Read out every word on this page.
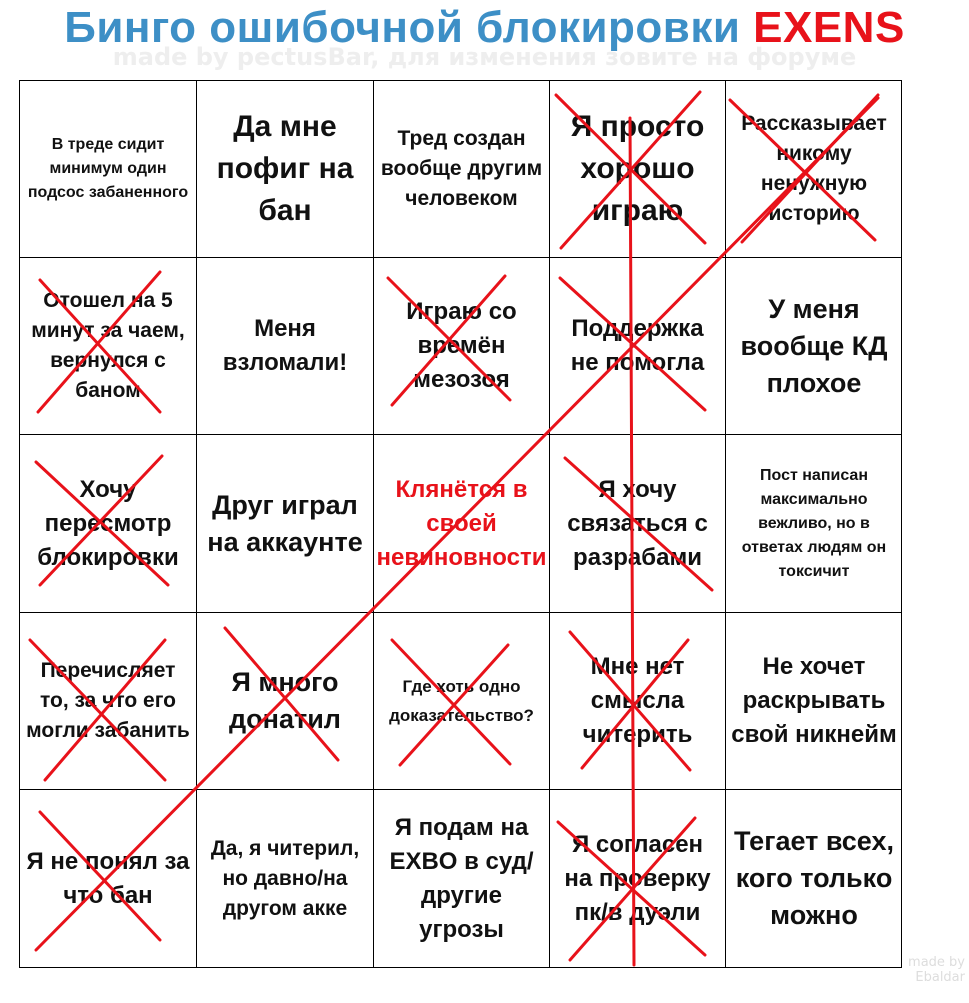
Бинго ошибочной блокировки EXENS
made by pectusBar, для изменения зовите на форуме
made by Ebaldar
В треде сидит минимум один подсос забаненного
Да мне пофиг на бан
Тред создан вообще другим человеком
Я просто хорошо играю
Рассказывает никому ненужную историю
Отошел на 5 минут за чаем, вернулся с баном
Меня взломали!
Играю со времён мезозоя
Поддержка не помогла
У меня вообще КД плохое
Хочу пересмотр блокировки
Друг играл на аккаунте
Клянётся в своей невиновности
Я хочу связаться с разрабами
Пост написан максимально вежливо, но в ответах людям он токсичит
Перечисляет то, за что его могли забанить
Я много донатил
Где хоть одно доказательство?
Мне нет смысла читерить
Не хочет раскрывать свой никнейм
Я не понял за что бан
Да, я читерил, но давно/на другом акке
Я подам на EXBO в суд/другие угрозы
Я согласен на проверку пк/в дуэли
Тегает всех, кого только можно
